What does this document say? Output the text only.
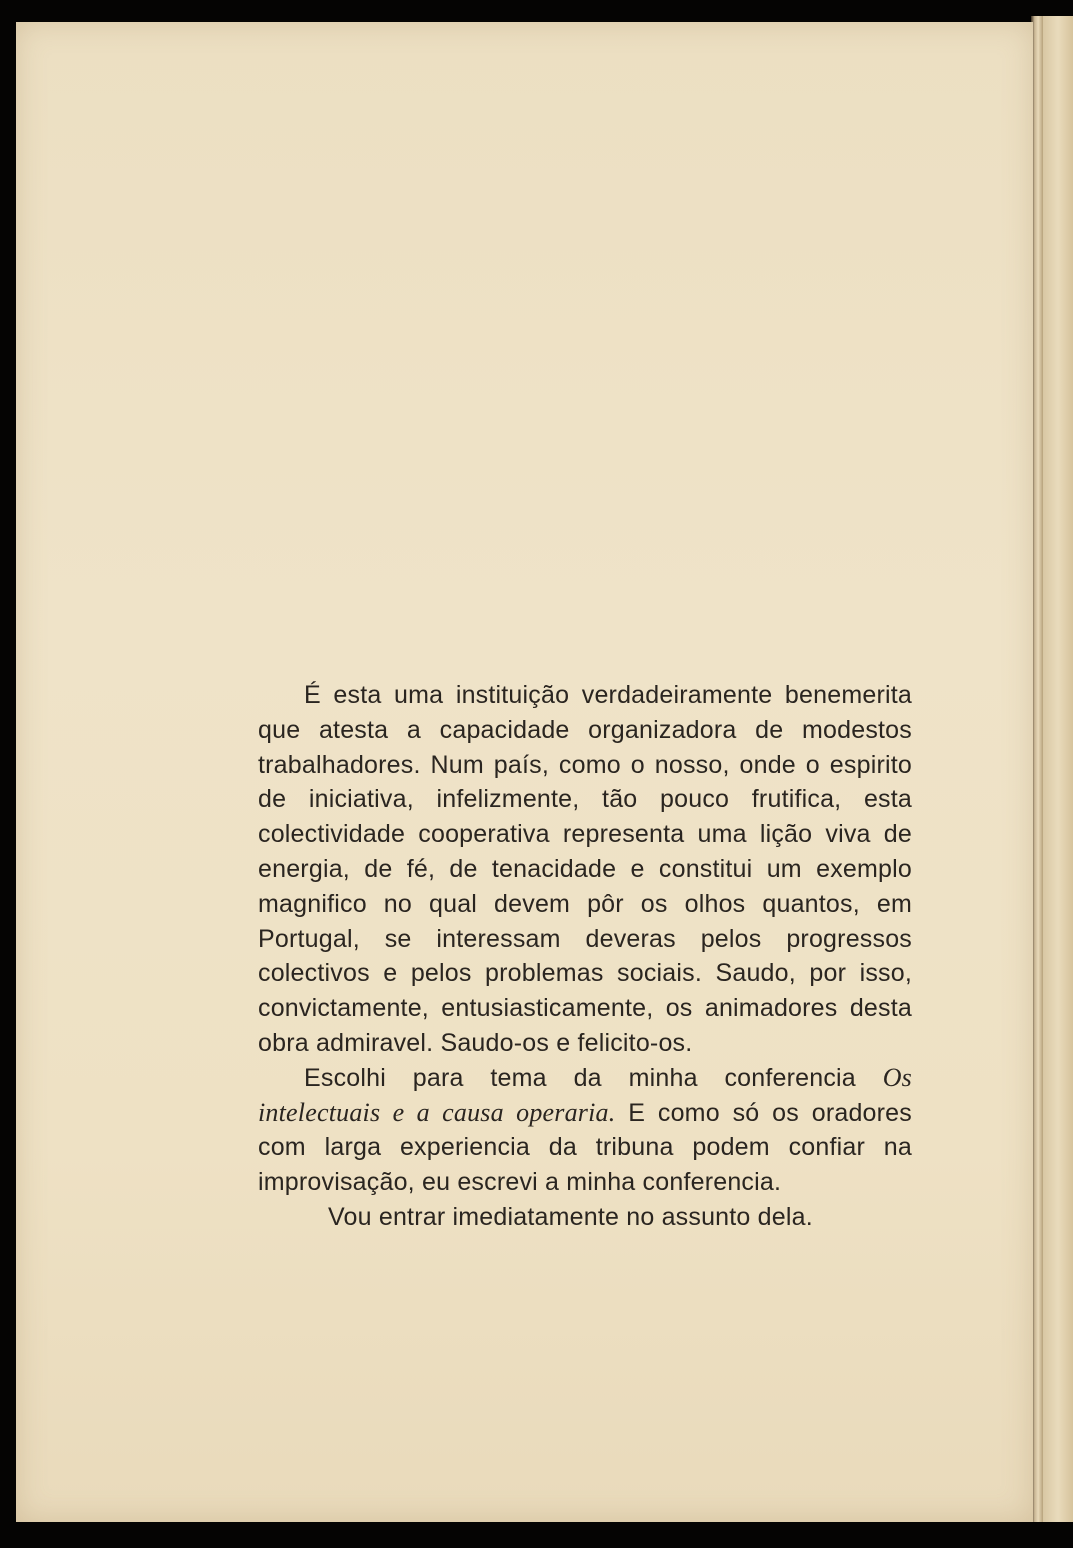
É esta uma instituição verdadeiramente benemerita que atesta a capacidade organizadora de modestos trabalhadores. Num país, como o nosso, onde o espirito de iniciativa, infelizmente, tão pouco frutifica, esta colectividade cooperativa representa uma lição viva de energia, de fé, de tenacidade e constitui um exemplo magnifico no qual devem pôr os olhos quantos, em Portugal, se interessam deveras pelos progressos colectivos e pelos problemas sociais. Saudo, por isso, convictamente, entusiasticamente, os animadores desta obra admiravel. Saudo-os e felicito-os.

Escolhi para tema da minha conferencia Os intelectuais e a causa operaria. E como só os oradores com larga experiencia da tribuna podem confiar na improvisação, eu escrevi a minha conferencia.

Vou entrar imediatamente no assunto dela.
